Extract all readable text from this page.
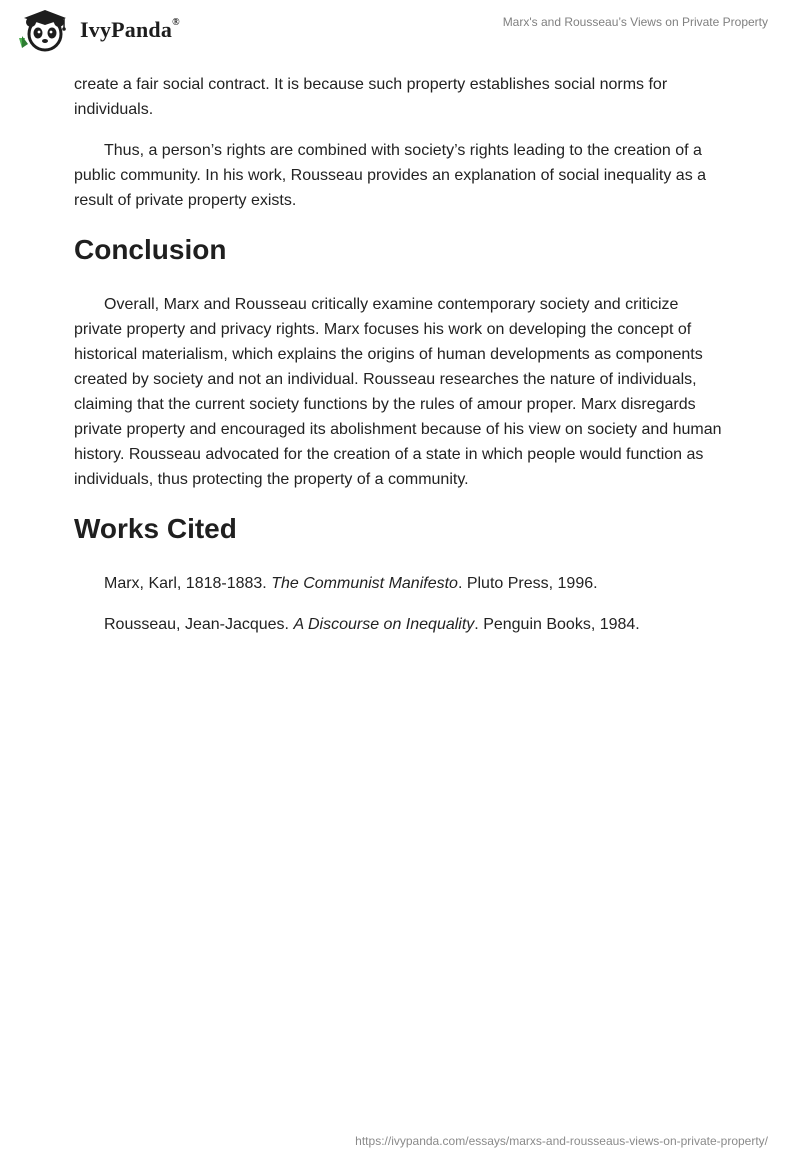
IvyPanda®	Marx's and Rousseau’s Views on Private Property

create a fair social contract. It is because such property establishes social norms for individuals.

Thus, a person’s rights are combined with society’s rights leading to the creation of a public community. In his work, Rousseau provides an explanation of social inequality as a result of private property exists.

Conclusion

Overall, Marx and Rousseau critically examine contemporary society and criticize private property and privacy rights. Marx focuses his work on developing the concept of historical materialism, which explains the origins of human developments as components created by society and not an individual. Rousseau researches the nature of individuals, claiming that the current society functions by the rules of amour proper. Marx disregards private property and encouraged its abolishment because of his view on society and human history. Rousseau advocated for the creation of a state in which people would function as individuals, thus protecting the property of a community.

Works Cited

Marx, Karl, 1818-1883. The Communist Manifesto. Pluto Press, 1996.

Rousseau, Jean-Jacques. A Discourse on Inequality. Penguin Books, 1984.

https://ivypanda.com/essays/marxs-and-rousseaus-views-on-private-property/
